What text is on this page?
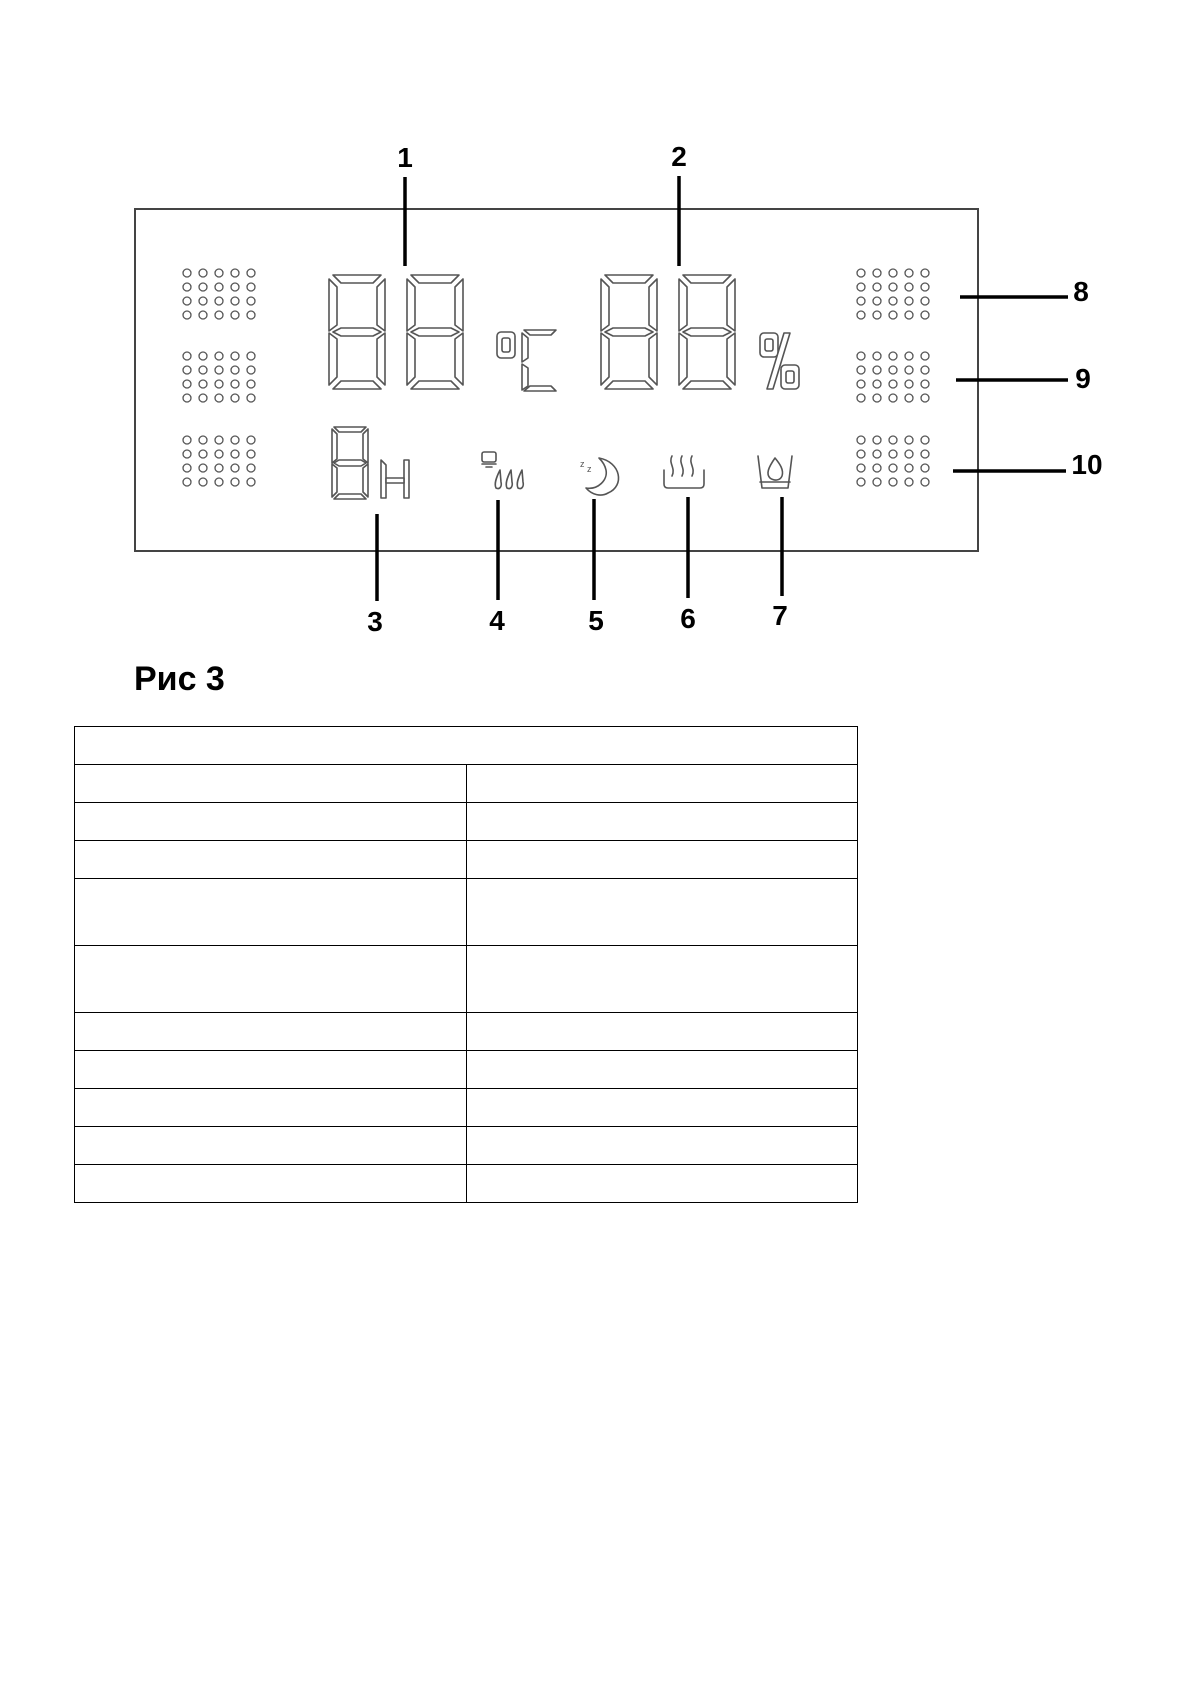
z z
1	2
3	4	5	6	7
8
9
10

Рис 3
